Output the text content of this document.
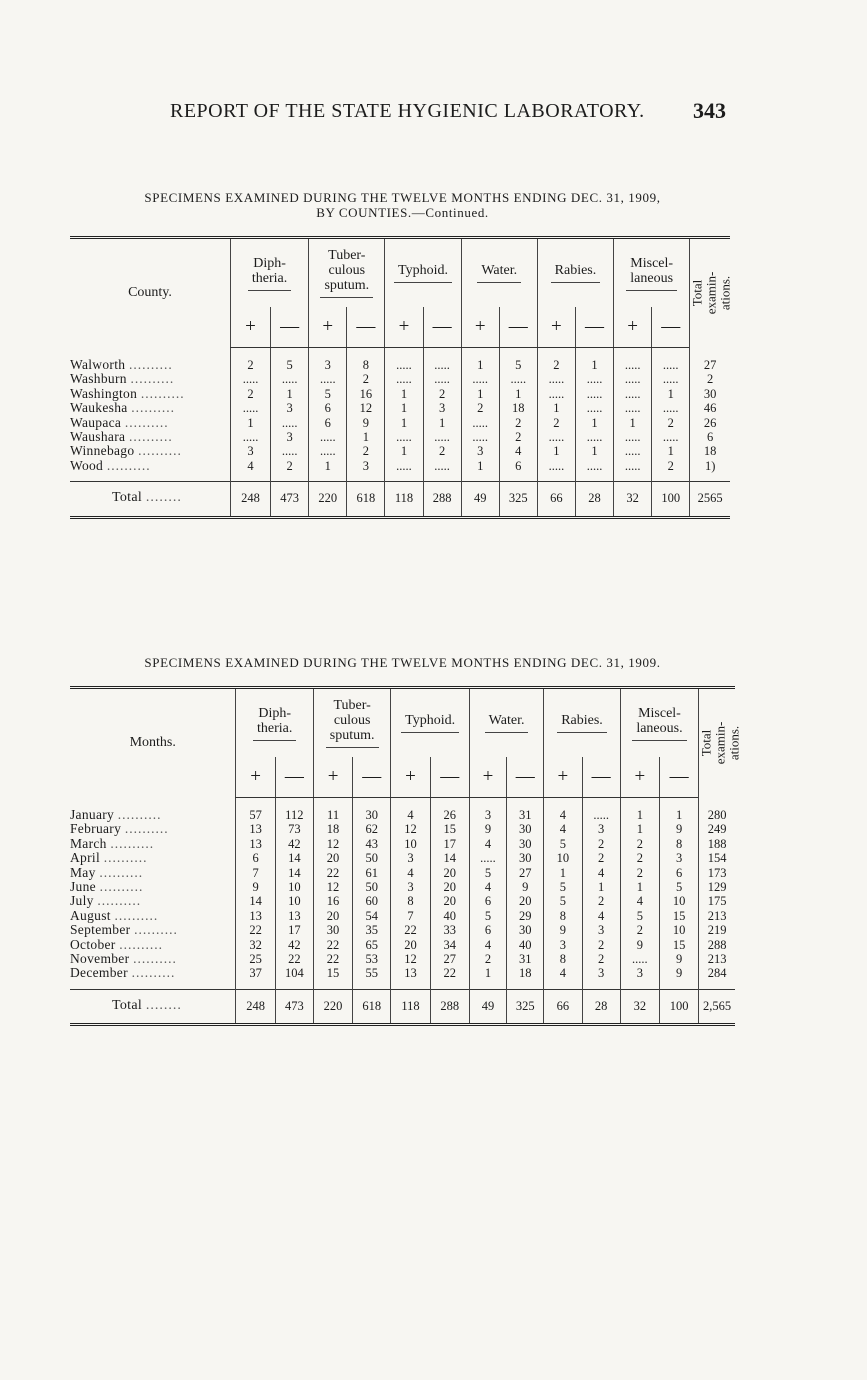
REPORT OF THE STATE HYGIENIC LABORATORY. 343
SPECIMENS EXAMINED DURING THE TWELVE MONTHS ENDING DEC. 31, 1909,
BY COUNTIES.—Continued.

County.	Diph-
theria.		Tuber-
culous
sputum.		Typhoid.		Water.		Rabies.		Miscel-
laneous		Total examin-
ations.
	+	—	+	—	+	—	+	—	+	—	+	—	
Walworth ..........	2	5	3	8	.....	.....	1	5	2	1	.....	.....	27
Washburn ..........	.....	.....	.....	2	.....	.....	.....	.....	.....	.....	.....	.....	2
Washington ..........	2	1	5	16	1	2	1	1	.....	.....	.....	1	30
Waukesha ..........	.....	3	6	12	1	3	2	18	1	.....	.....	.....	46
Waupaca ..........	1	.....	6	9	1	1	.....	2	2	1	1	2	26
Waushara ..........	.....	3	.....	1	.....	.....	.....	2	.....	.....	.....	.....	6
Winnebago ..........	3	.....	.....	2	1	2	3	4	1	1	.....	1	18
Wood ..........	4	2	1	3	.....	.....	1	6	.....	.....	.....	2	1)

Total ........	248	473	220	618	118	288	49	325	66	28	32	100	2565

SPECIMENS EXAMINED DURING THE TWELVE MONTHS ENDING DEC. 31, 1909.

Months.	Diph-
theria.		Tuber-
culous
sputum.		Typhoid.		Water.		Rabies.		Miscel-
laneous.		Total examin-
ations.
	+	—	+	—	+	—	+	—	+	—	+	—	
January ..........	57	112	11	30	4	26	3	31	4	.....	1	1	280
February ..........	13	73	18	62	12	15	9	30	4	3	1	9	249
March ..........	13	42	12	43	10	17	4	30	5	2	2	8	188
April ..........	6	14	20	50	3	14	.....	30	10	2	2	3	154
May ..........	7	14	22	61	4	20	5	27	1	4	2	6	173
June ..........	9	10	12	50	3	20	4	9	5	1	1	5	129
July ..........	14	10	16	60	8	20	6	20	5	2	4	10	175
August ..........	13	13	20	54	7	40	5	29	8	4	5	15	213
September ..........	22	17	30	35	22	33	6	30	9	3	2	10	219
October ..........	32	42	22	65	20	34	4	40	3	2	9	15	288
November ..........	25	22	22	53	12	27	2	31	8	2	.....	9	213
December ..........	37	104	15	55	13	22	1	18	4	3	3	9	284

Total ........	248	473	220	618	118	288	49	325	66	28	32	100	2,565
